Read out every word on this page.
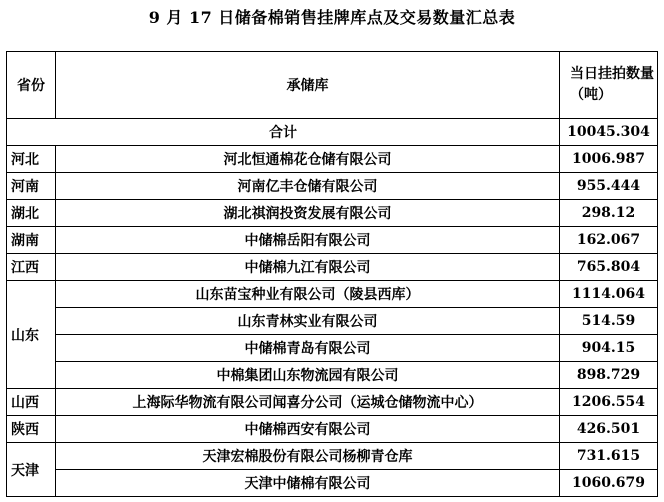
9 月 17 日储备棉销售挂牌库点及交易数量汇总表
省份	承储库	当日挂拍数量（吨）

合计		10045.304
河北	河北恒通棉花仓储有限公司	1006.987
河南	河南亿丰仓储有限公司	955.444
湖北	湖北祺润投资发展有限公司	298.12
湖南	中储棉岳阳有限公司	162.067
江西	中储棉九江有限公司	765.804
山东	山东苗宝种业有限公司（陵县西库）	1114.064
	山东青林实业有限公司	514.59
	中储棉青岛有限公司	904.15
	中棉集团山东物流园有限公司	898.729
山西	上海际华物流有限公司闻喜分公司（运城仓储物流中心）	1206.554
陕西	中储棉西安有限公司	426.501
天津	天津宏棉股份有限公司杨柳青仓库	731.615
	天津中储棉有限公司	1060.679
